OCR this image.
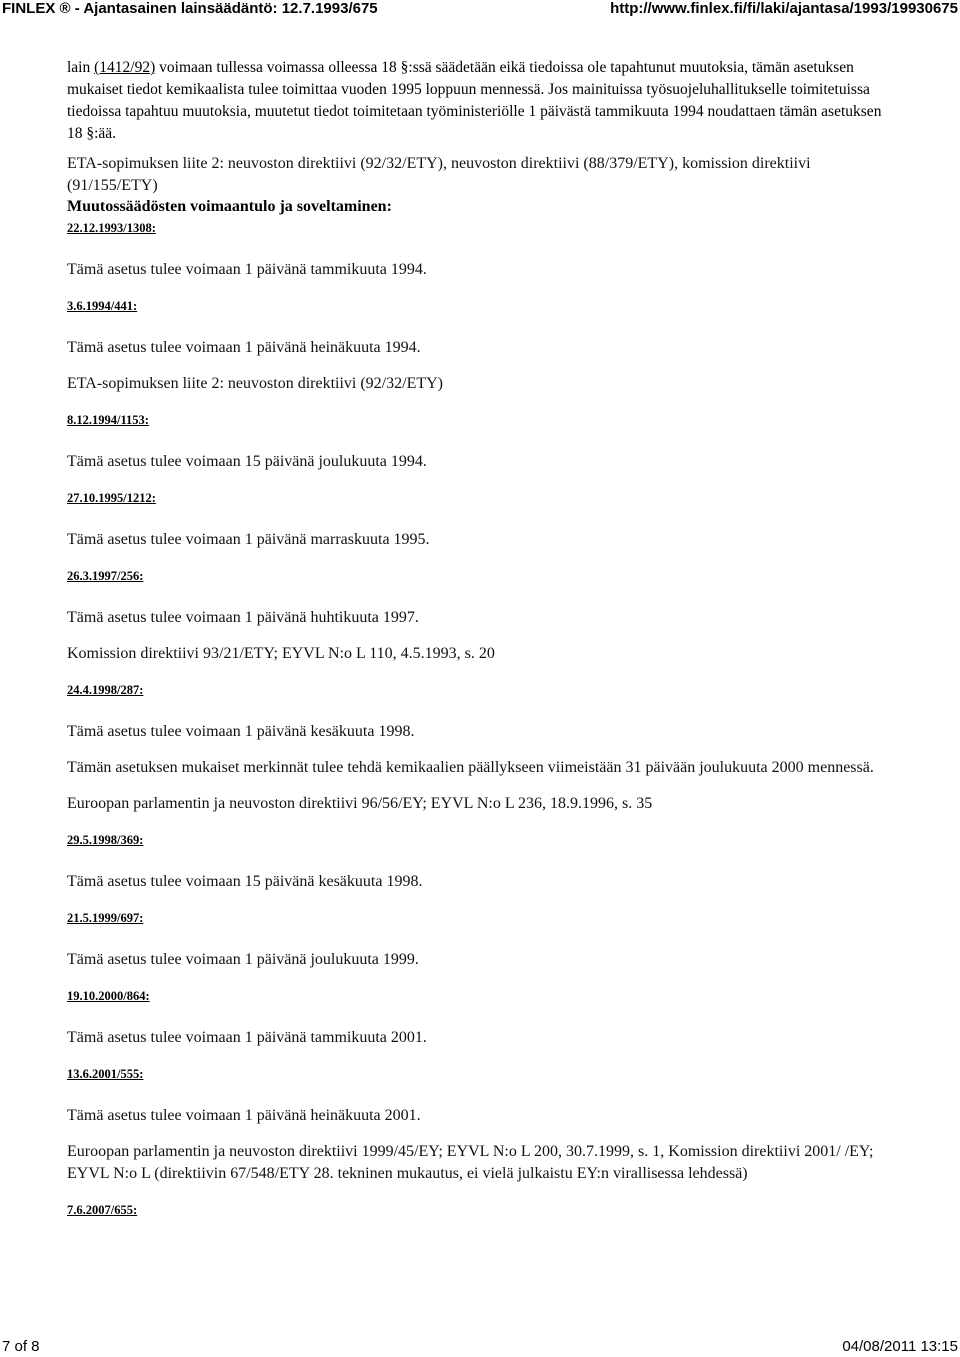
FINLEX ® - Ajantasainen lainsäädäntö: 12.7.1993/675	http://www.finlex.fi/fi/laki/ajantasa/1993/19930675

lain (1412/92) voimaan tullessa voimassa olleessa 18 §:ssä säädetään eikä tiedoissa ole tapahtunut muutoksia, tämän asetuksen mukaiset tiedot kemikaalista tulee toimittaa vuoden 1995 loppuun mennessä. Jos mainituissa työsuojeluhallitukselle toimitetuissa tiedoissa tapahtuu muutoksia, muutetut tiedot toimitetaan työministeriölle 1 päivästä tammikuuta 1994 noudattaen tämän asetuksen 18 §:ää.

ETA-sopimuksen liite 2: neuvoston direktiivi (92/32/ETY), neuvoston direktiivi (88/379/ETY), komission direktiivi (91/155/ETY)

Muutossäädösten voimaantulo ja soveltaminen:

22.12.1993/1308:

Tämä asetus tulee voimaan 1 päivänä tammikuuta 1994.

3.6.1994/441:

Tämä asetus tulee voimaan 1 päivänä heinäkuuta 1994.

ETA-sopimuksen liite 2: neuvoston direktiivi (92/32/ETY)

8.12.1994/1153:

Tämä asetus tulee voimaan 15 päivänä joulukuuta 1994.

27.10.1995/1212:

Tämä asetus tulee voimaan 1 päivänä marraskuuta 1995.

26.3.1997/256:

Tämä asetus tulee voimaan 1 päivänä huhtikuuta 1997.

Komission direktiivi 93/21/ETY; EYVL N:o L 110, 4.5.1993, s. 20

24.4.1998/287:

Tämä asetus tulee voimaan 1 päivänä kesäkuuta 1998.

Tämän asetuksen mukaiset merkinnät tulee tehdä kemikaalien päällykseen viimeistään 31 päivään joulukuuta 2000 mennessä.

Euroopan parlamentin ja neuvoston direktiivi 96/56/EY; EYVL N:o L 236, 18.9.1996, s. 35

29.5.1998/369:

Tämä asetus tulee voimaan 15 päivänä kesäkuuta 1998.

21.5.1999/697:

Tämä asetus tulee voimaan 1 päivänä joulukuuta 1999.

19.10.2000/864:

Tämä asetus tulee voimaan 1 päivänä tammikuuta 2001.

13.6.2001/555:

Tämä asetus tulee voimaan 1 päivänä heinäkuuta 2001.

Euroopan parlamentin ja neuvoston direktiivi 1999/45/EY; EYVL N:o L 200, 30.7.1999, s. 1, Komission direktiivi 2001/ /EY; EYVL N:o L (direktiivin 67/548/ETY 28. tekninen mukautus, ei vielä julkaistu EY:n virallisessa lehdessä)

7.6.2007/655:

7 of 8	04/08/2011 13:15
